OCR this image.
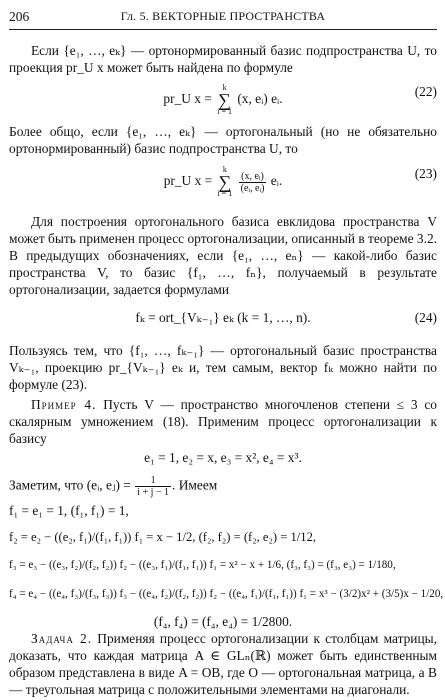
206	Гл. 5. ВЕКТОРНЫЕ ПРОСТРАНСТВА
Если {e₁, …, eₖ} — ортонормированный базис подпространства U, то проекция pr_U x может быть найдена по формуле
pr_U x =
k
∑
i = 1
(x, eᵢ) eᵢ.	(22)
Более общо, если {e₁, …, eₖ} — ортогональный (но не обязательно ортонормированный) базис подпространства U, то
pr_U x =
k
∑
i = 1
$\frac{\text{(x, eᵢ)}}{\text{(eᵢ, eᵢ)}}$ eᵢ.	(23)
Для построения ортогонального базиса евклидова пространства V может быть применен процесс ортогонализации, описанный в теореме 3.2. В предыдущих обозначениях, если {e₁, …, eₙ} — какой-либо базис пространства V, то базис {f₁, …, fₙ}, получаемый в результате ортогонализации, задается формулами
fₖ = ort_{Vₖ₋₁} eₖ (k = 1, …, n).	(24)
Пользуясь тем, что {f₁, …, fₖ₋₁} — ортогональный базис пространства Vₖ₋₁, проекцию pr_{Vₖ₋₁} eₖ и, тем самым, вектор fₖ можно найти по формуле (23).
Пример 4. Пусть V — пространство многочленов степени ≤ 3 со скалярным умножением (18). Применим процесс ортогонализации к базису
e₁ = 1, e₂ = x, e₃ = x², e₄ = x³.
Заметим, что (eᵢ, eⱼ) = $\frac{1}{i + j - 1}$ . Имеем
f₁ = e₁ = 1, (f₁, f₁) = 1,
f₂ = e₂ − ((e₂, f₁)/(f₁, f₁)) f₁ = x − 1/2, (f₂, f₂) = (f₂, e₂) = 1/12,
f₃ = e₃ − ((e₃, f₂)/(f₂, f₂)) f₂ − ((e₃, f₁)/(f₁, f₁)) f₁ = x² − x + 1/6, (f₃, f₃) = (f₃, e₃) = 1/180,
f₄ = e₄ − ((e₄, f₃)/(f₃, f₃)) f₃ − ((e₄, f₂)/(f₂, f₂)) f₂ − ((e₄, f₁)/(f₁, f₁)) f₁ = x³ − (3/2)x² + (3/5)x − 1/20,
(f₄, f₄) = (f₄, e₄) = 1/2800.
Задача 2. Применяя процесс ортогонализации к столбцам матрицы, доказать, что каждая матрица A ∈ GLₙ(ℝ) может быть единственным образом представлена в виде A = OB, где O — ортогональная матрица, а B — треугольная матрица с положительными элементами на диагонали.
